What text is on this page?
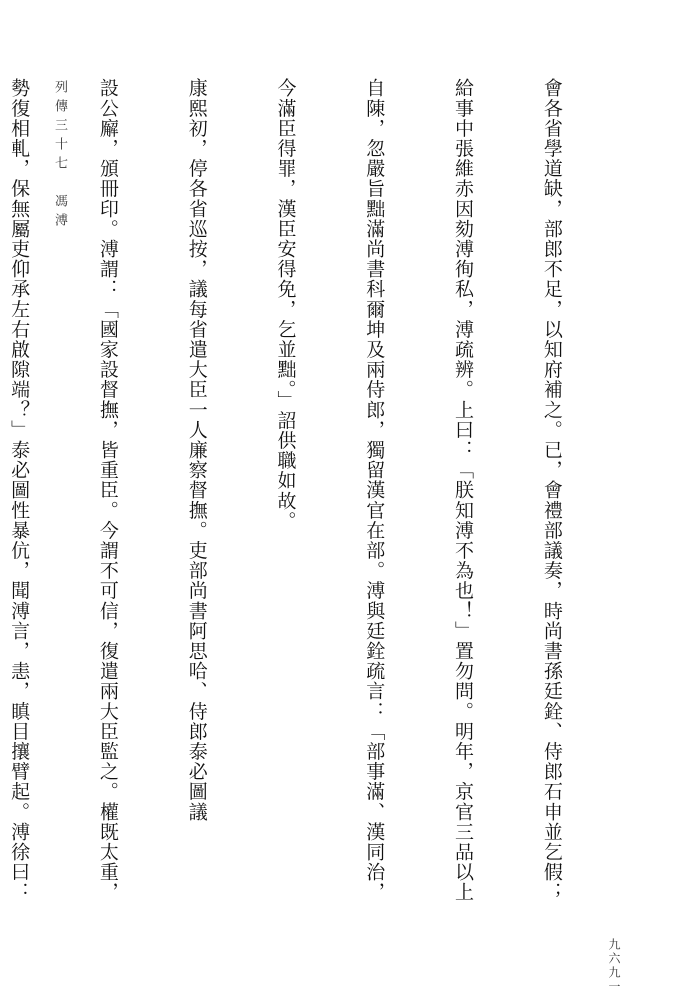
列傳三十七　馮溥

	會各省學道缺，部郎不足，以知府補之。已，會禮部議奏，時尚書孫廷銓、侍郎石申並乞假；

給事中張維赤因劾溥徇私，溥疏辨。上曰：「朕知溥不為也！」置勿問。明年，京官三品以上

自陳，忽嚴旨黜滿尚書科爾坤及兩侍郎，獨留漢官在部。溥與廷銓疏言：「部事滿、漢同治，

今滿臣得罪，漢臣安得免，乞並黜。」詔供職如故。

康熙初，停各省巡按，議每省遣大臣一人廉察督撫。吏部尚書阿思哈、侍郎泰必圖議

設公廨，頒冊印。溥謂：「國家設督撫，皆重臣。今謂不可信，復遣兩大臣監之。權既太重，

勢復相軋，保無屬吏仰承左右啟隙端？」泰必圖性暴伉，聞溥言，恚，瞋目攘臂起。溥徐曰：

九六九一
